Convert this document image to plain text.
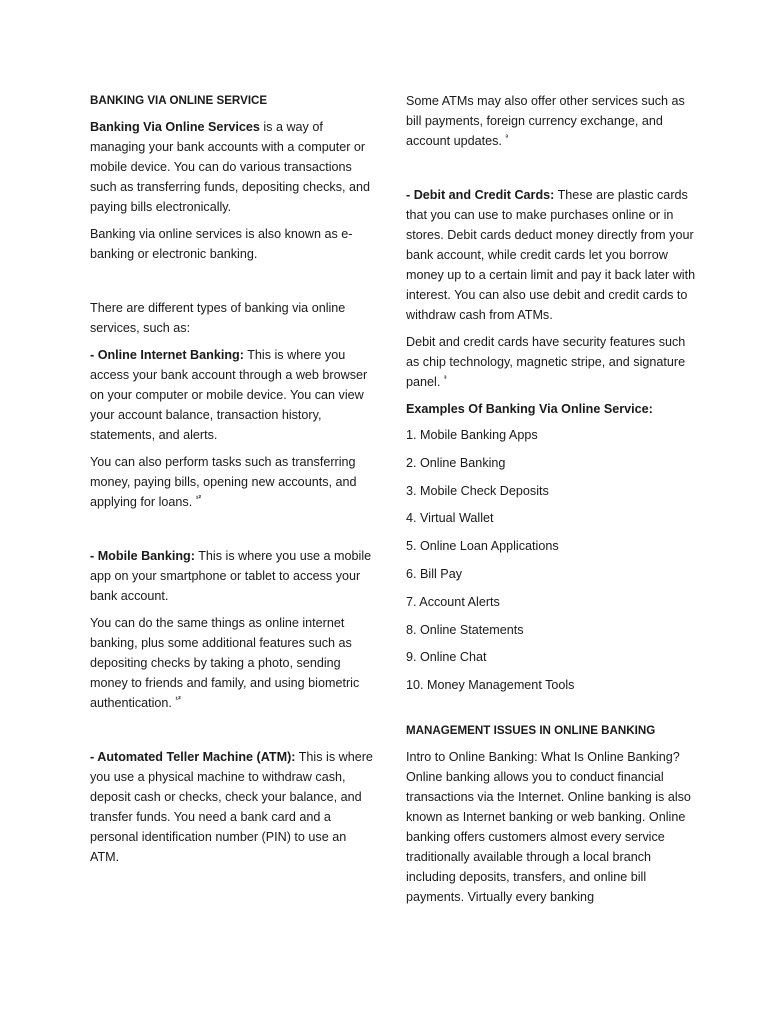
BANKING VIA ONLINE SERVICE

Banking Via Online Services is a way of managing your bank accounts with a computer or mobile device. You can do various transactions such as transferring funds, depositing checks, and paying bills electronically.

Banking via online services is also known as e-banking or electronic banking.

There are different types of banking via online services, such as:

- Online Internet Banking: This is where you access your bank account through a web browser on your computer or mobile device. You can view your account balance, transaction history, statements, and alerts.

You can also perform tasks such as transferring money, paying bills, opening new accounts, and applying for loans. $^{^{12}}$

- Mobile Banking: This is where you use a mobile app on your smartphone or tablet to access your bank account.

You can do the same things as online internet banking, plus some additional features such as depositing checks by taking a photo, sending money to friends and family, and using biometric authentication. $^{^{12}}$

- Automated Teller Machine (ATM): This is where you use a physical machine to withdraw cash, deposit cash or checks, check your balance, and transfer funds. You need a bank card and a personal identification number (PIN) to use an ATM.

Some ATMs may also offer other services such as bill payments, foreign currency exchange, and account updates. $^{^3}$

- Debit and Credit Cards: These are plastic cards that you can use to make purchases online or in stores. Debit cards deduct money directly from your bank account, while credit cards let you borrow money up to a certain limit and pay it back later with interest. You can also use debit and credit cards to withdraw cash from ATMs.

Debit and credit cards have security features such as chip technology, magnetic stripe, and signature panel. $^{^3}$

Examples Of Banking Via Online Service:

1. Mobile Banking Apps
2. Online Banking
3. Mobile Check Deposits
4. Virtual Wallet
5. Online Loan Applications
6. Bill Pay
7. Account Alerts
8. Online Statements
9. Online Chat
10. Money Management Tools

MANAGEMENT ISSUES IN ONLINE BANKING

Intro to Online Banking: What Is Online Banking? Online banking allows you to conduct financial transactions via the Internet. Online banking is also known as Internet banking or web banking. Online banking offers customers almost every service traditionally available through a local branch including deposits, transfers, and online bill payments. Virtually every banking
